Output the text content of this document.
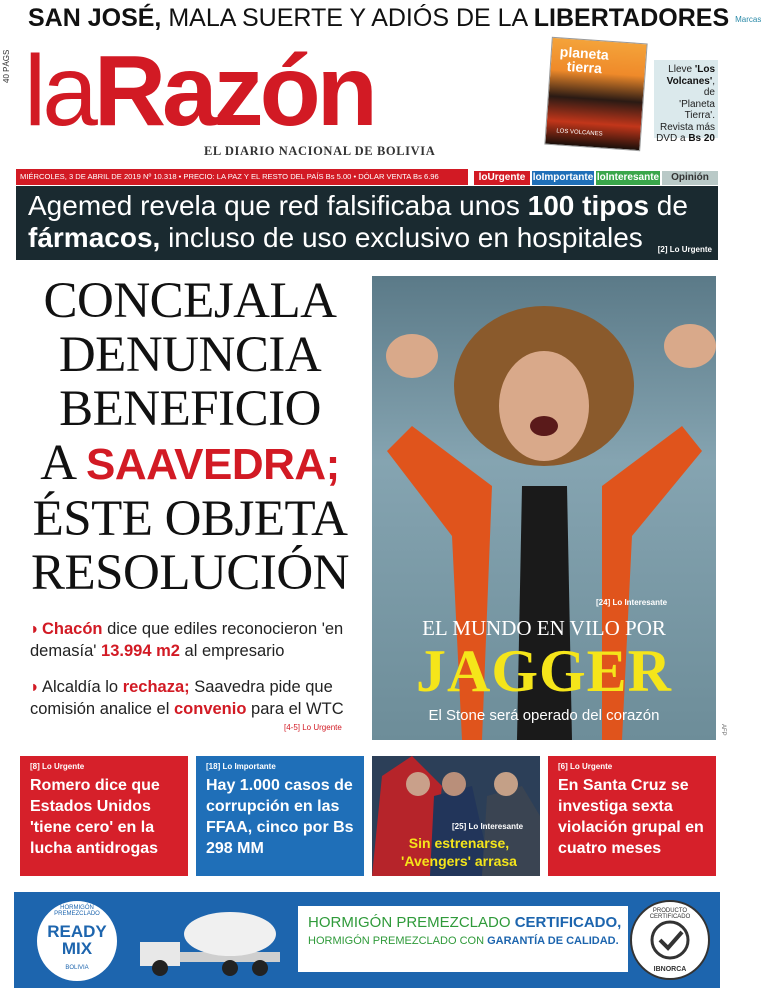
SAN JOSÉ, MALA SUERTE Y ADIÓS DE LA LIBERTADORES Marcas
40 PÁGS laRazón
EL DIARIO NACIONAL DE BOLIVIA
planeta
tierra
LOS VOLCANES
Lleve 'Los
Volcanes', de
'Planeta Tierra'.
Revista más
DVD a Bs 20
MIÉRCOLES, 3 DE ABRIL DE 2019 Nº 10.318 • PRECIO: LA PAZ Y EL RESTO DEL PAÍS Bs 5.00 • DÓLAR VENTA Bs 6.96	loUrgente loImportante loInteresante	Opinión
Agemed revela que red falsificaba unos 100 tipos de
fármacos, incluso de uso exclusivo en hospitales	[2] Lo Urgente
CONCEJALA
DENUNCIA
BENEFICIO
A SAAVEDRA;
ÉSTE OBJETA
RESOLUCIÓN
◗ Chacón dice que ediles reconocieron 'en demasía' 13.994 m2 al empresario
◗ Alcaldía lo rechaza; Saavedra pide que comisión analice el convenio para el WTC
[4-5] Lo Urgente
[24] Lo Interesante
EL MUNDO EN VILO POR
JAGGER
El Stone será operado del corazón
AFP
[8] Lo Urgente
Romero dice que Estados Unidos 'tiene cero' en la lucha antidrogas
[18] Lo Importante
Hay 1.000 casos de corrupción en las FFAA, cinco por Bs 298 MM
[25] Lo Interesante
Sin estrenarse, 'Avengers' arrasa
[6] Lo Urgente
En Santa Cruz se investiga sexta violación grupal en cuatro meses
HORMIGÓN PREMEZCLADO
READY
MIX
BOLIVIA
HORMIGÓN PREMEZCLADO CERTIFICADO,
HORMIGÓN PREMEZCLADO CON GARANTÍA DE CALIDAD.
PRODUCTO CERTIFICADO
IBNORCA
